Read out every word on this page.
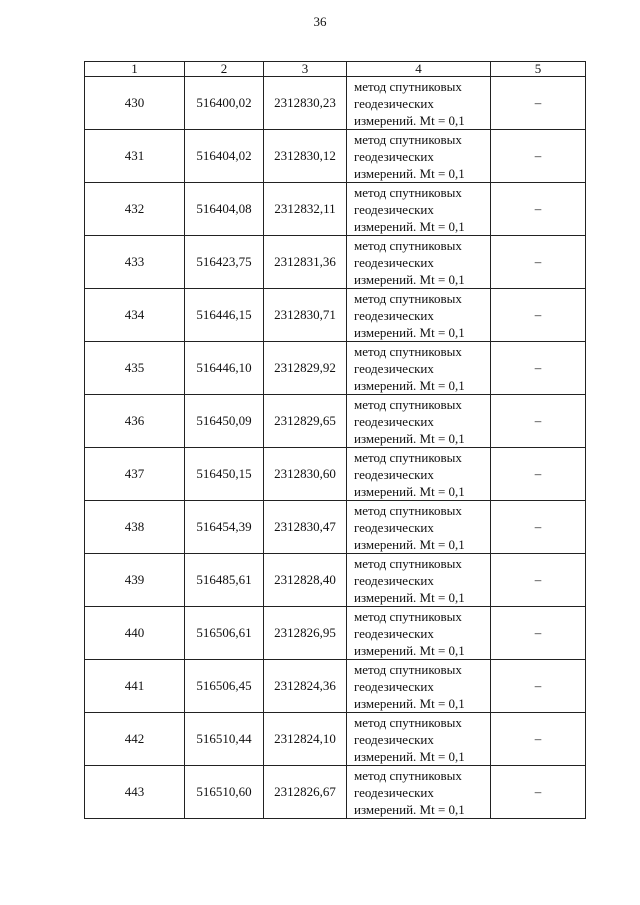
36
1	2	3	4	5
430	516400,02	2312830,23	метод спутниковых
геодезических
измерений. Mt = 0,1	–
431	516404,02	2312830,12	метод спутниковых
геодезических
измерений. Mt = 0,1	–
432	516404,08	2312832,11	метод спутниковых
геодезических
измерений. Mt = 0,1	–
433	516423,75	2312831,36	метод спутниковых
геодезических
измерений. Mt = 0,1	–
434	516446,15	2312830,71	метод спутниковых
геодезических
измерений. Mt = 0,1	–
435	516446,10	2312829,92	метод спутниковых
геодезических
измерений. Mt = 0,1	–
436	516450,09	2312829,65	метод спутниковых
геодезических
измерений. Mt = 0,1	–
437	516450,15	2312830,60	метод спутниковых
геодезических
измерений. Mt = 0,1	–
438	516454,39	2312830,47	метод спутниковых
геодезических
измерений. Mt = 0,1	–
439	516485,61	2312828,40	метод спутниковых
геодезических
измерений. Mt = 0,1	–
440	516506,61	2312826,95	метод спутниковых
геодезических
измерений. Mt = 0,1	–
441	516506,45	2312824,36	метод спутниковых
геодезических
измерений. Mt = 0,1	–
442	516510,44	2312824,10	метод спутниковых
геодезических
измерений. Mt = 0,1	–
443	516510,60	2312826,67	метод спутниковых
геодезических
измерений. Mt = 0,1	–
